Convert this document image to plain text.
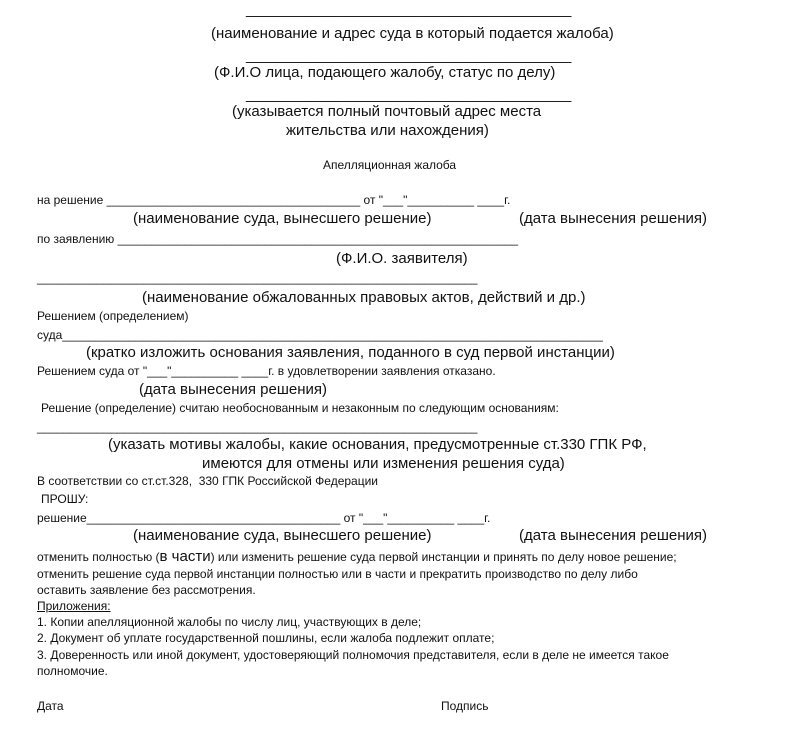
_______________________________________
(наименование и адрес суда в который подается жалоба)
_______________________________________
(Ф.И.О лица, подающего жалобу, статус по делу)
_______________________________________
(указывается полный почтовый адрес места
жительства или нахождения)
Апелляционная жалоба
на решение ______________________________________ от "___"__________ ____г.
(наименование суда, вынесшего решение)	(дата вынесения решения)
по заявлению ____________________________________________________________
(Ф.И.О. заявителя)
__________________________________________________________________
(наименование обжалованных правовых актов, действий и др.)
Решением (определением)
суда_________________________________________________________________________________
(кратко изложить основания заявления, поданного в суд первой инстанции)
Решением суда от "___"__________ ____г. в удовлетворении заявления отказано.
(дата вынесения решения)
Решение (определение) считаю необоснованным и незаконным по следующим основаниям:
__________________________________________________________________
(указать мотивы жалобы, какие основания, предусмотренные ст.330 ГПК РФ,
имеются для отмены или изменения решения суда)
В соответствии со ст.ст.328,  330 ГПК Российской Федерации
ПРОШУ:
решение______________________________________ от "___"__________ ____г.
(наименование суда, вынесшего решение)	(дата вынесения решения)
отменить полностью (в части) или изменить решение суда первой инстанции и принять по делу новое решение;
отменить решение суда первой инстанции полностью или в части и прекратить производство по делу либо
оставить заявление без рассмотрения.
Приложения:
1. Копии апелляционной жалобы по числу лиц, участвующих в деле;
2. Документ об уплате государственной пошлины, если жалоба подлежит оплате;
3. Доверенность или иной документ, удостоверяющий полномочия представителя, если в деле не имеется такое
полномочие.
Дата	Подпись
